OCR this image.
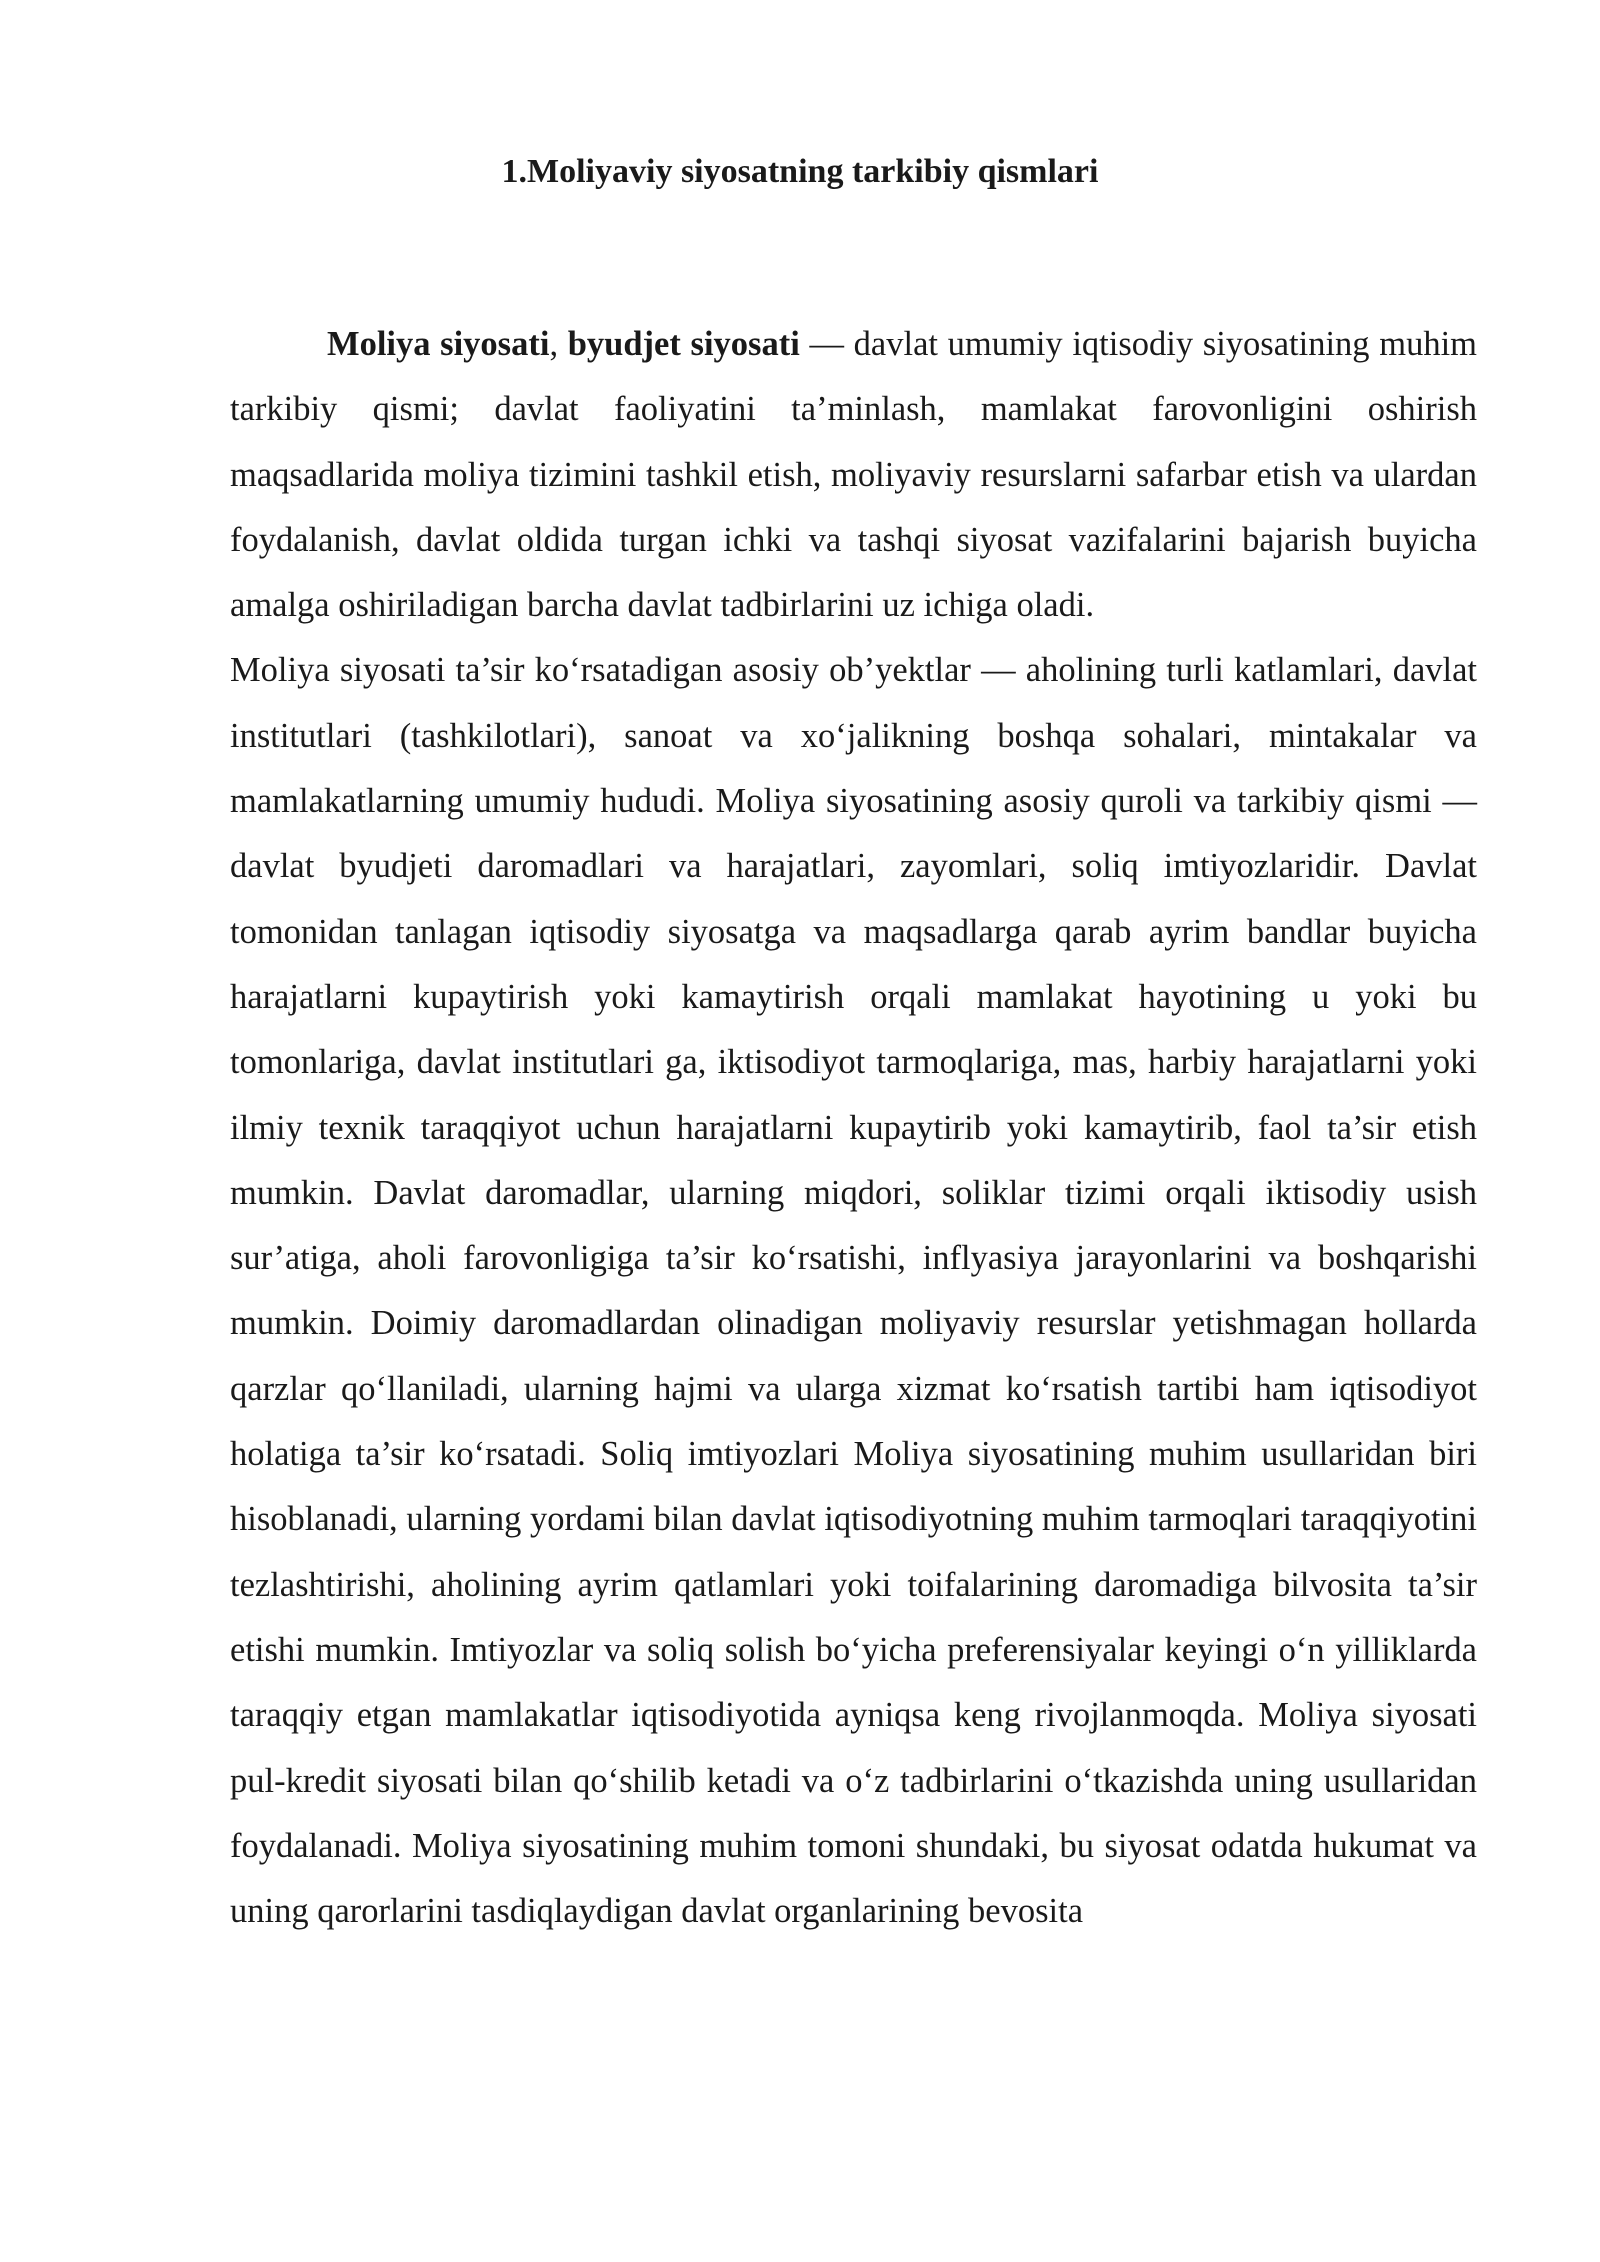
1.Moliyaviy siyosatning tarkibiy qismlari

Moliya siyosati, byudjet siyosati — davlat umumiy iqtisodiy siyosatining muhim tarkibiy qismi; davlat faoliyatini ta’minlash, mamlakat farovonligini oshirish maqsadlarida moliya tizimini tashkil etish, moliyaviy resurslarni safarbar etish va ulardan foydalanish, davlat oldida turgan ichki va tashqi siyosat vazifalarini bajarish buyicha amalga oshiriladigan barcha davlat tadbirlarini uz ichiga oladi.

Moliya siyosati ta’sir ko‘rsatadigan asosiy ob’yektlar — aholining turli katlamlari, davlat institutlari (tashkilotlari), sanoat va xo‘jalikning boshqa sohalari, mintakalar va mamlakatlarning umumiy hududi. Moliya siyosatining asosiy quroli va tarkibiy qismi — davlat byudjeti daromadlari va harajatlari, zayomlari, soliq imtiyozlaridir. Davlat tomonidan tanlagan iqtisodiy siyosatga va maqsadlarga qarab ayrim bandlar buyicha harajatlarni kupaytirish yoki kamaytirish orqali mamlakat hayotining u yoki bu tomonlariga, davlat institutlari ga, iktisodiyot tarmoqlariga, mas, harbiy harajatlarni yoki ilmiy texnik taraqqiyot uchun harajatlarni kupaytirib yoki kamaytirib, faol ta’sir etish mumkin. Davlat daromadlar, ularning miqdori, soliklar tizimi orqali iktisodiy usish sur’atiga, aholi farovonligiga ta’sir ko‘rsatishi, inflyasiya jarayonlarini va boshqarishi mumkin. Doimiy daromadlardan olinadigan moliyaviy resurslar yetishmagan hollarda qarzlar qo‘llaniladi, ularning hajmi va ularga xizmat ko‘rsatish tartibi ham iqtisodiyot holatiga ta’sir ko‘rsatadi. Soliq imtiyozlari Moliya siyosatining muhim usullaridan biri hisoblanadi, ularning yordami bilan davlat iqtisodiyotning muhim tarmoqlari taraqqiyotini tezlashtirishi, aholining ayrim qatlamlari yoki toifalarining daromadiga bilvosita ta’sir etishi mumkin. Imtiyozlar va soliq solish bo‘yicha preferensiyalar keyingi o‘n yilliklarda taraqqiy etgan mamlakatlar iqtisodiyotida ayniqsa keng rivojlanmoqda. Moliya siyosati pul-kredit siyosati bilan qo‘shilib ketadi va o‘z tadbirlarini o‘tkazishda uning usullaridan foydalanadi. Moliya siyosatining muhim tomoni shundaki, bu siyosat odatda hukumat va uning qarorlarini tasdiqlaydigan davlat organlarining bevosita
